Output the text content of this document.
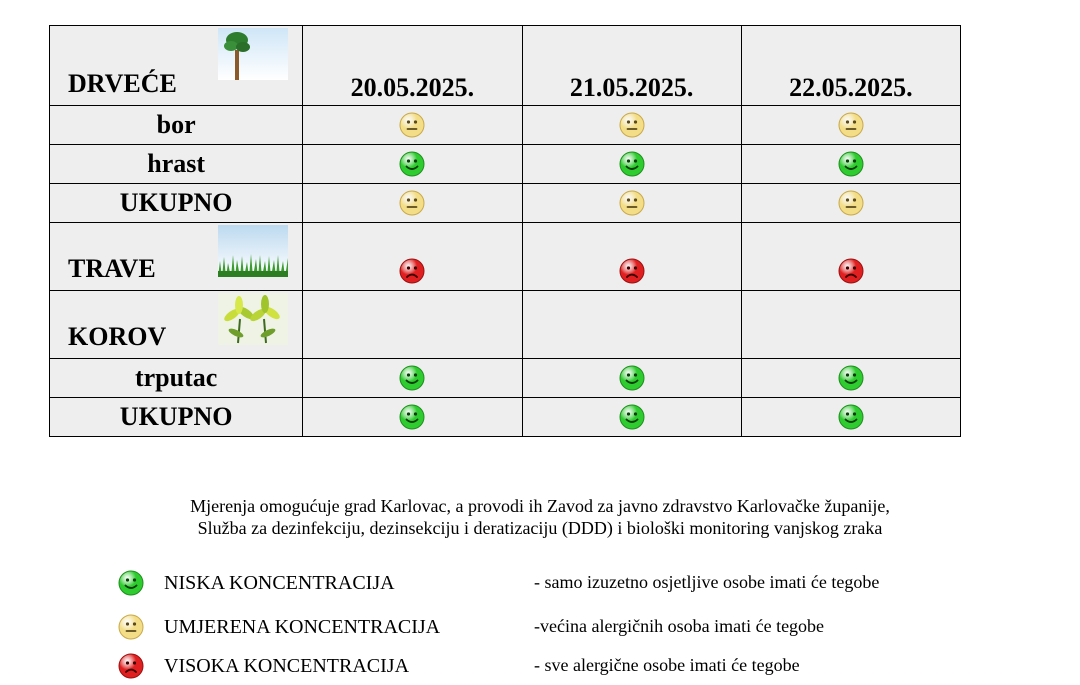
DRVEĆE	20.05.2025.	21.05.2025.	22.05.2025.
bor			
hrast			
UKUPNO			

TRAVE

KOROV			

trputac			
UKUPNO			
Mjerenja omogućuje grad Karlovac, a provodi ih Zavod za javno zdravstvo Karlovačke županije,
Služba za dezinfekciju, dezinsekciju i deratizaciju (DDD) i biološki monitoring vanjskog zraka
NISKA KONCENTRACIJA	- samo izuzetno osjetljive osobe imati će tegobe
UMJERENA KONCENTRACIJA	-većina alergičnih osoba imati će tegobe
VISOKA KONCENTRACIJA	- sve alergične osobe imati će tegobe
